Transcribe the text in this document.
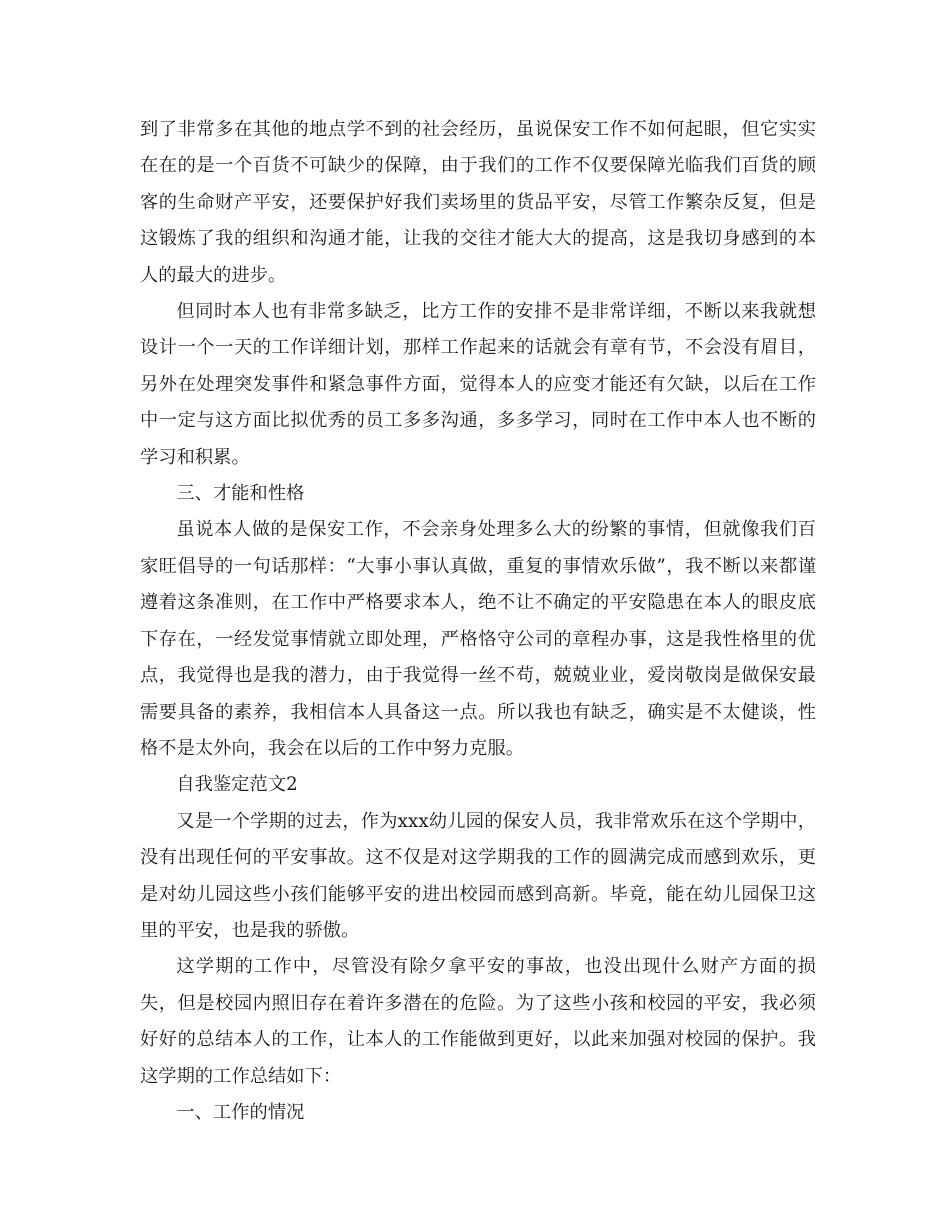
到了非常多在其他的地点学不到的社会经历，虽说保安工作不如何起眼，但它实实在在的是一个百货不可缺少的保障，由于我们的工作不仅要保障光临我们百货的顾客的生命财产平安，还要保护好我们卖场里的货品平安，尽管工作繁杂反复，但是这锻炼了我的组织和沟通才能，让我的交往才能大大的提高，这是我切身感到的本人的最大的进步。

但同时本人也有非常多缺乏，比方工作的安排不是非常详细，不断以来我就想设计一个一天的工作详细计划，那样工作起来的话就会有章有节，不会没有眉目，另外在处理突发事件和紧急事件方面，觉得本人的应变才能还有欠缺，以后在工作中一定与这方面比拟优秀的员工多多沟通，多多学习，同时在工作中本人也不断的学习和积累。

三、才能和性格

虽说本人做的是保安工作，不会亲身处理多么大的纷繁的事情，但就像我们百家旺倡导的一句话那样：“大事小事认真做，重复的事情欢乐做”，我不断以来都谨遵着这条准则，在工作中严格要求本人，绝不让不确定的平安隐患在本人的眼皮底下存在，一经发觉事情就立即处理，严格恪守公司的章程办事，这是我性格里的优点，我觉得也是我的潜力，由于我觉得一丝不苟，兢兢业业，爱岗敬岗是做保安最需要具备的素养，我相信本人具备这一点。所以我也有缺乏，确实是不太健谈，性格不是太外向，我会在以后的工作中努力克服。

自我鉴定范文2

又是一个学期的过去，作为xxx幼儿园的保安人员，我非常欢乐在这个学期中，没有出现任何的平安事故。这不仅是对这学期我的工作的圆满完成而感到欢乐，更是对幼儿园这些小孩们能够平安的进出校园而感到高新。毕竟，能在幼儿园保卫这里的平安，也是我的骄傲。

这学期的工作中，尽管没有除夕拿平安的事故，也没出现什么财产方面的损失，但是校园内照旧存在着许多潜在的危险。为了这些小孩和校园的平安，我必须好好的总结本人的工作，让本人的工作能做到更好，以此来加强对校园的保护。我这学期的工作总结如下：

一、工作的情况
